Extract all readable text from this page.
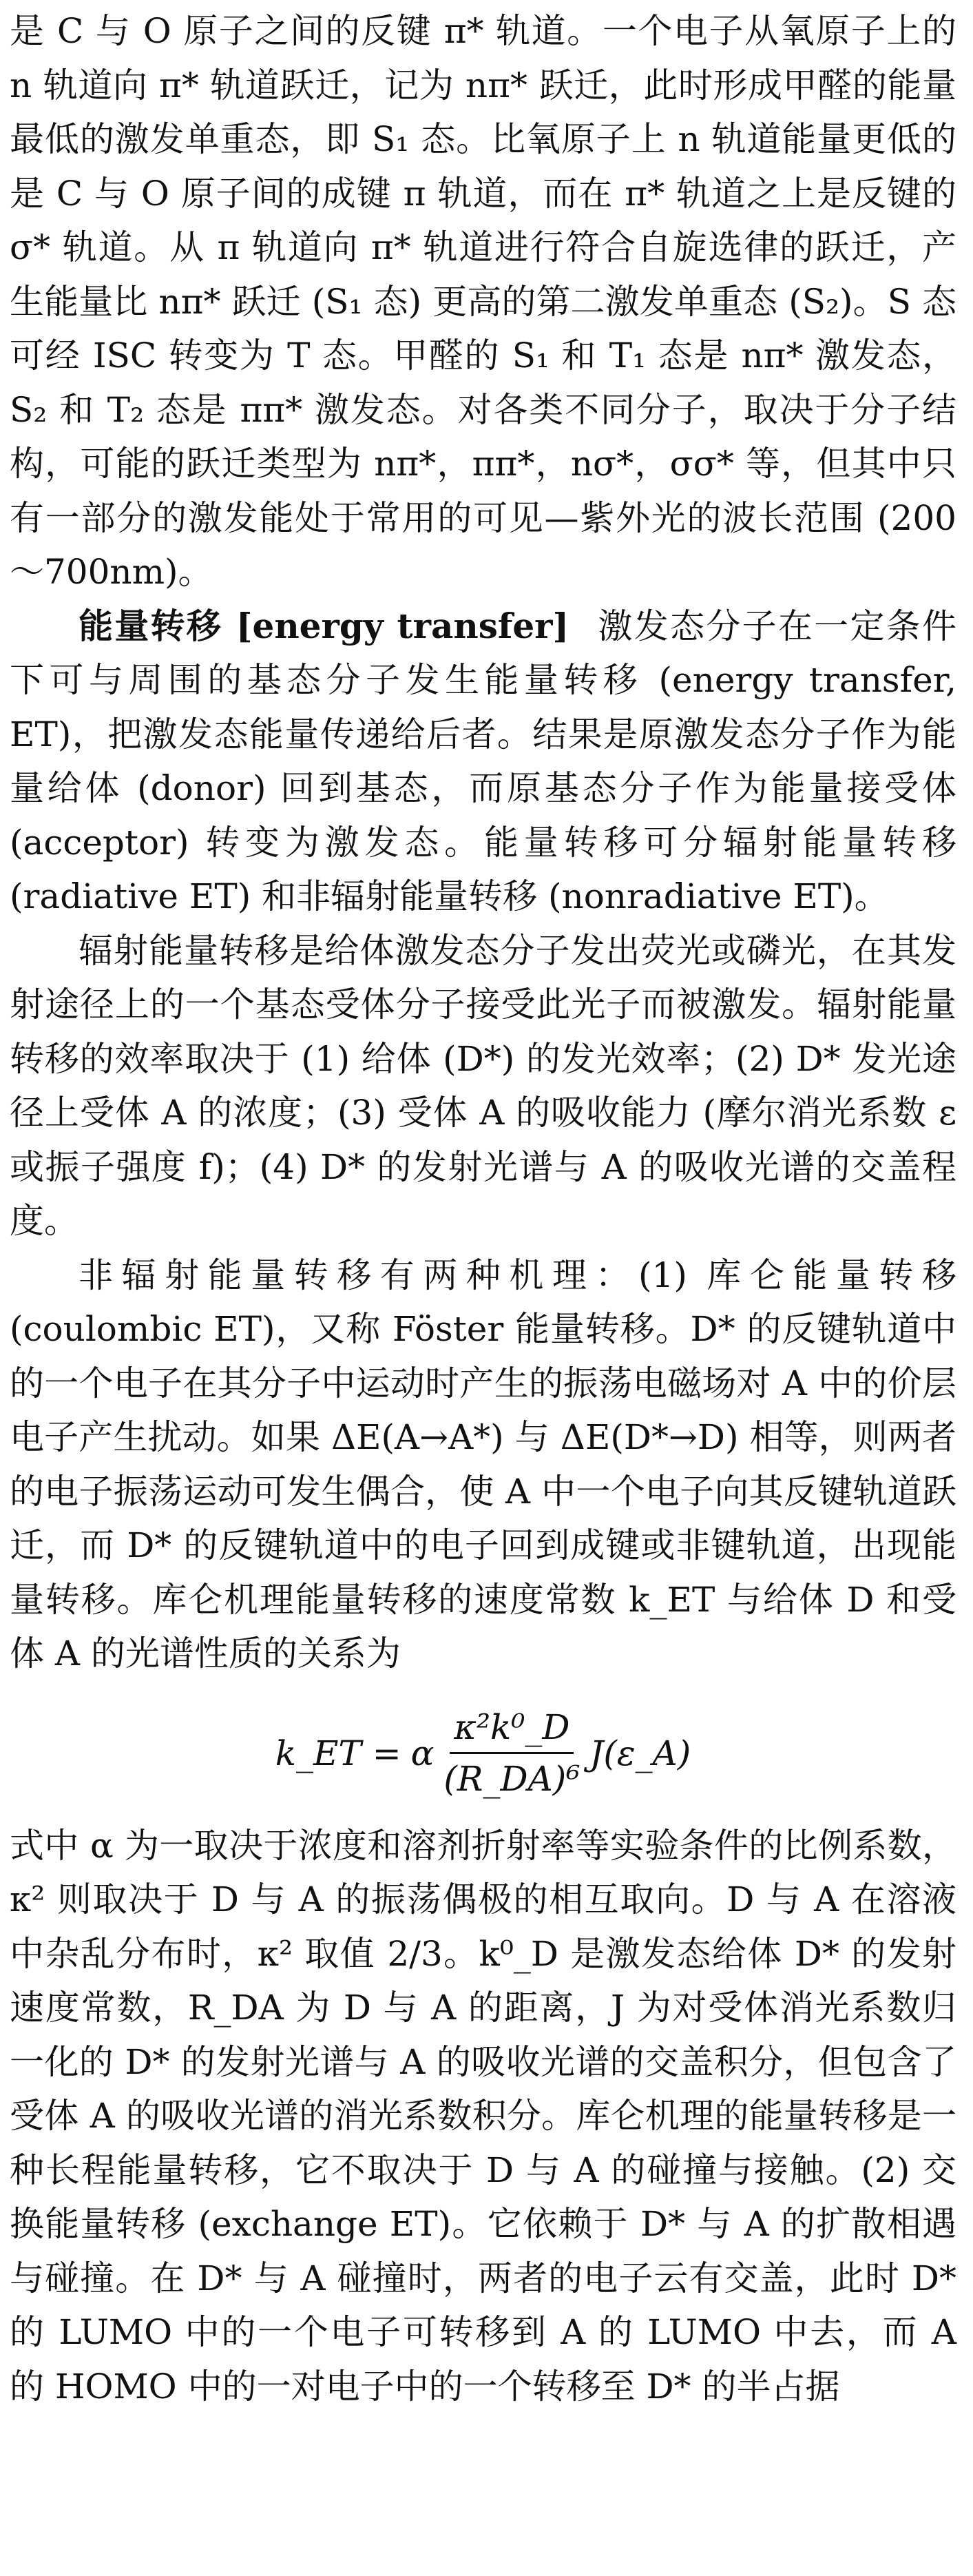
是 C 与 O 原子之间的反键 π* 轨道。一个电子从氧原子上的 n 轨道向 π* 轨道跃迁，记为 nπ* 跃迁，此时形成甲醛的能量最低的激发单重态，即 S₁ 态。比氧原子上 n 轨道能量更低的是 C 与 O 原子间的成键 π 轨道，而在 π* 轨道之上是反键的 σ* 轨道。从 π 轨道向 π* 轨道进行符合自旋选律的跃迁，产生能量比 nπ* 跃迁 (S₁ 态) 更高的第二激发单重态 (S₂)。S 态可经 ISC 转变为 T 态。甲醛的 S₁ 和 T₁ 态是 nπ* 激发态，S₂ 和 T₂ 态是 ππ* 激发态。对各类不同分子，取决于分子结构，可能的跃迁类型为 nπ*，ππ*，nσ*，σσ* 等，但其中只有一部分的激发能处于常用的可见—紫外光的波长范围 (200～700nm)。

能量转移 [energy transfer] 激发态分子在一定条件下可与周围的基态分子发生能量转移 (energy transfer, ET)，把激发态能量传递给后者。结果是原激发态分子作为能量给体 (donor) 回到基态，而原基态分子作为能量接受体 (acceptor) 转变为激发态。能量转移可分辐射能量转移 (radiative ET) 和非辐射能量转移 (nonradiative ET)。

辐射能量转移是给体激发态分子发出荧光或磷光，在其发射途径上的一个基态受体分子接受此光子而被激发。辐射能量转移的效率取决于 (1) 给体 (D*) 的发光效率；(2) D* 发光途径上受体 A 的浓度；(3) 受体 A 的吸收能力 (摩尔消光系数 ε 或振子强度 f)；(4) D* 的发射光谱与 A 的吸收光谱的交盖程度。

非辐射能量转移有两种机理：(1) 库仑能量转移 (coulombic ET)，又称 Föster 能量转移。D* 的反键轨道中的一个电子在其分子中运动时产生的振荡电磁场对 A 中的价层电子产生扰动。如果 ΔE(A→A*) 与 ΔE(D*→D) 相等，则两者的电子振荡运动可发生偶合，使 A 中一个电子向其反键轨道跃迁，而 D* 的反键轨道中的电子回到成键或非键轨道，出现能量转移。库仑机理能量转移的速度常数 k_ET 与给体 D 和受体 A 的光谱性质的关系为

k_ET = α $\frac{\text{κ²k⁰\_D}}{\text{(R\_DA)⁶}}$ J(ε_A)

式中 α 为一取决于浓度和溶剂折射率等实验条件的比例系数，κ² 则取决于 D 与 A 的振荡偶极的相互取向。D 与 A 在溶液中杂乱分布时，κ² 取值 2/3。k⁰_D 是激发态给体 D* 的发射速度常数，R_DA 为 D 与 A 的距离，J 为对受体消光系数归一化的 D* 的发射光谱与 A 的吸收光谱的交盖积分，但包含了受体 A 的吸收光谱的消光系数积分。库仑机理的能量转移是一种长程能量转移，它不取决于 D 与 A 的碰撞与接触。(2) 交换能量转移 (exchange ET)。它依赖于 D* 与 A 的扩散相遇与碰撞。在 D* 与 A 碰撞时，两者的电子云有交盖，此时 D* 的 LUMO 中的一个电子可转移到 A 的 LUMO 中去，而 A 的 HOMO 中的一对电子中的一个转移至 D* 的半占据
